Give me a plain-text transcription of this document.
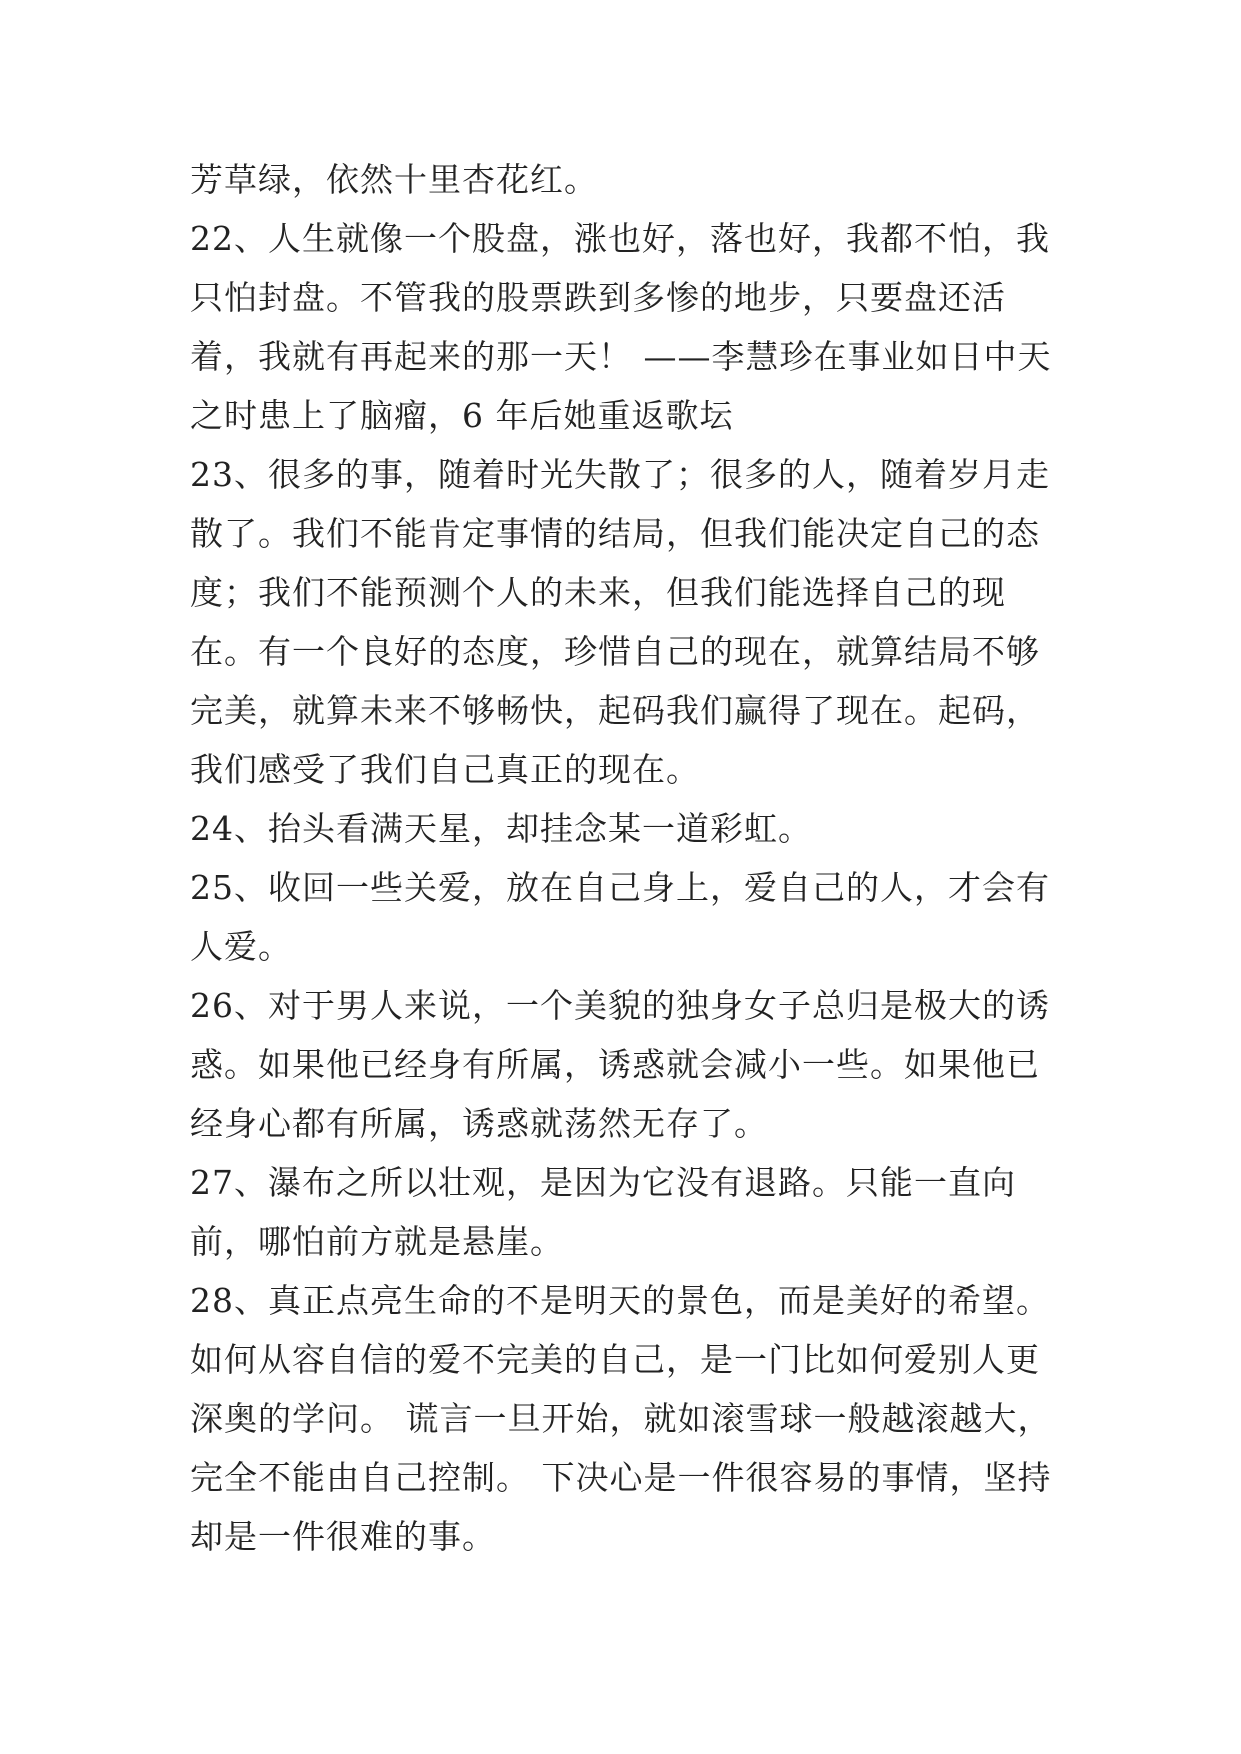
芳草绿，依然十里杏花红。

22、人生就像一个股盘，涨也好，落也好，我都不怕，我只怕封盘。不管我的股票跌到多惨的地步，只要盘还活着，我就有再起来的那一天！ ——李慧珍在事业如日中天之时患上了脑瘤，6 年后她重返歌坛

23、很多的事，随着时光失散了；很多的人，随着岁月走散了。我们不能肯定事情的结局，但我们能决定自己的态度；我们不能预测个人的未来，但我们能选择自己的现在。有一个良好的态度，珍惜自己的现在，就算结局不够完美，就算未来不够畅快，起码我们赢得了现在。起码，我们感受了我们自己真正的现在。

24、抬头看满天星，却挂念某一道彩虹。

25、收回一些关爱，放在自己身上，爱自己的人，才会有人爱。

26、对于男人来说，一个美貌的独身女子总归是极大的诱惑。如果他已经身有所属，诱惑就会减小一些。如果他已经身心都有所属，诱惑就荡然无存了。

27、瀑布之所以壮观，是因为它没有退路。只能一直向前，哪怕前方就是悬崖。

28、真正点亮生命的不是明天的景色，而是美好的希望。如何从容自信的爱不完美的自己，是一门比如何爱别人更深奥的学问。 谎言一旦开始，就如滚雪球一般越滚越大，完全不能由自己控制。 下决心是一件很容易的事情，坚持却是一件很难的事。
